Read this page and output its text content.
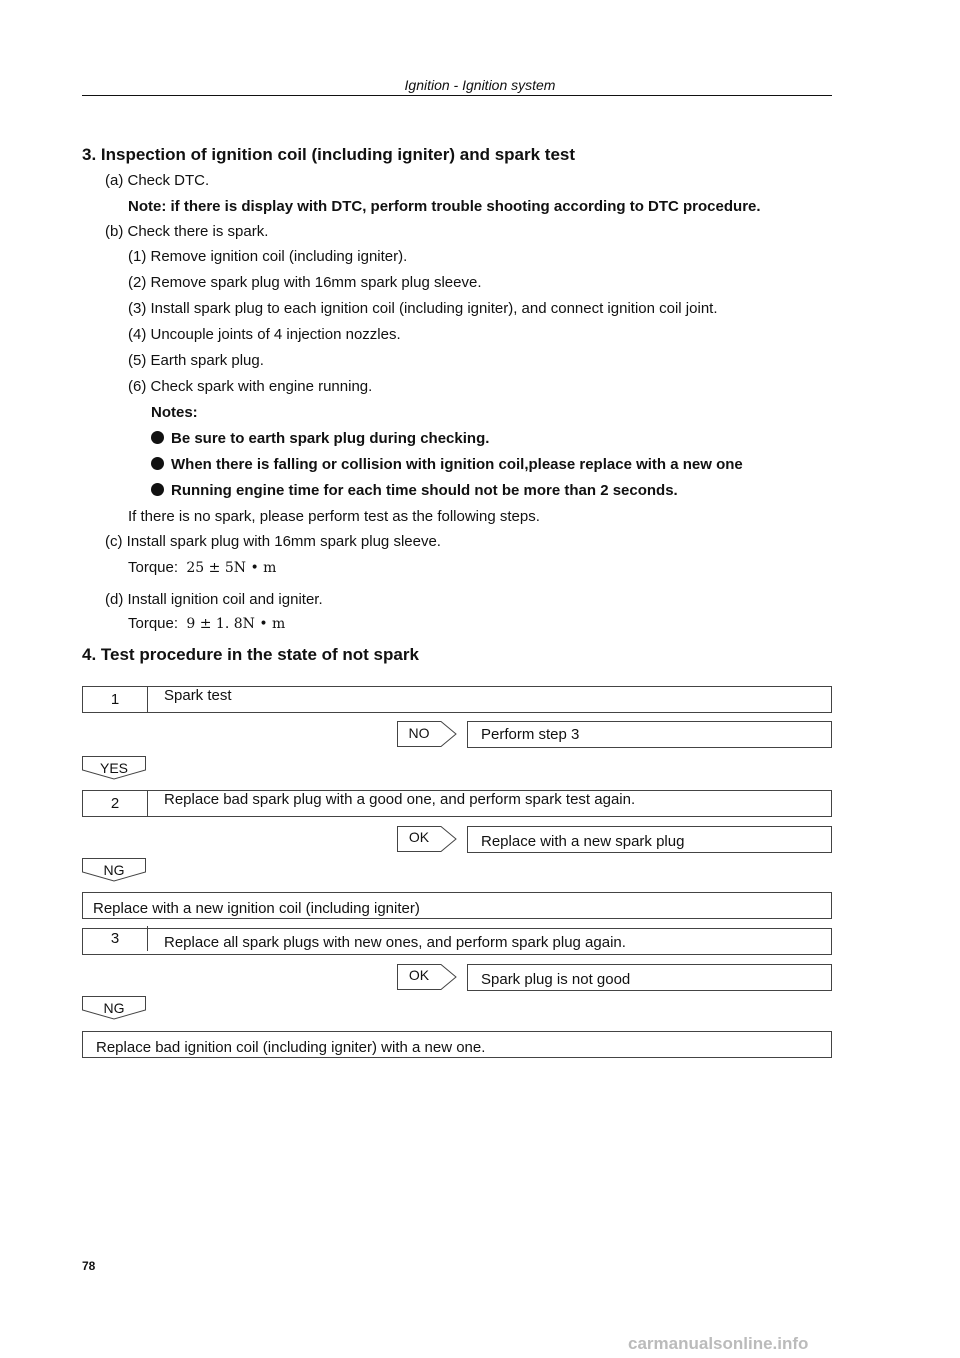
Ignition - Ignition system
3. Inspection of ignition coil (including igniter) and spark test
(a) Check DTC.
Note: if there is display with DTC, perform trouble shooting according to DTC procedure.
(b) Check there is spark.
(1) Remove ignition coil (including igniter).
(2) Remove spark plug with 16mm spark plug sleeve.
(3) Install spark plug to each ignition coil (including igniter), and connect ignition coil joint.
(4) Uncouple joints of 4 injection nozzles.
(5) Earth spark plug.
(6) Check spark with engine running.
Notes:
Be sure to earth spark plug during checking.
When there is falling or collision with ignition coil,please replace with a new one
Running engine time for each time should not be more than 2 seconds.
If there is no spark, please perform test as the following steps.
(c) Install spark plug with 16mm spark plug sleeve.
Torque: 25 ± 5N • m
(d) Install ignition coil and igniter.
Torque: 9 ± 1. 8N • m
4. Test procedure in the state of not spark
1	Spark test
NO	Perform step 3
YES
2	Replace bad spark plug with a good one, and perform spark test again.
OK	Replace with a new spark plug
NG
Replace with a new ignition coil (including igniter)
3	Replace all spark plugs with new ones, and perform spark plug again.
OK	Spark plug is not good
NG
Replace bad ignition coil (including igniter) with a new one.
78
carmanualsonline.info
